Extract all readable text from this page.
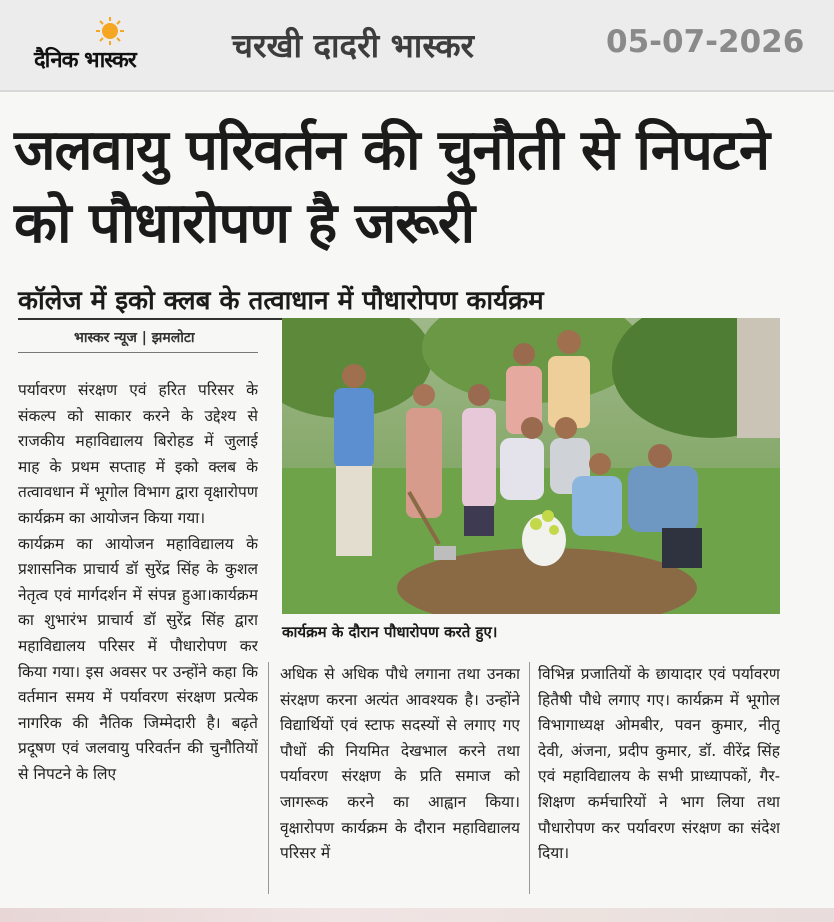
दैनिक भास्कर	चरखी दादरी भास्कर	05-07-2026
जलवायु परिवर्तन की चुनौती से निपटने को पौधारोपण है जरूरी
कॉलेज में इको क्लब के तत्वाधान में पौधारोपण कार्यक्रम
भास्कर न्यूज | झमलोटा

पर्यावरण संरक्षण एवं हरित परिसर के संकल्प को साकार करने के उद्देश्य से राजकीय महाविद्यालय बिरोहड में जुलाई माह के प्रथम सप्ताह में इको क्लब के तत्वावधान में भूगोल विभाग द्वारा वृक्षारोपण कार्यक्रम का आयोजन किया गया।

कार्यक्रम का आयोजन महाविद्यालय के प्रशासनिक प्राचार्य डॉ सुरेंद्र सिंह के कुशल नेतृत्व एवं मार्गदर्शन में संपन्न हुआ।कार्यक्रम का शुभारंभ प्राचार्य डॉ सुरेंद्र सिंह द्वारा महाविद्यालय परिसर में पौधारोपण कर किया गया। इस अवसर पर उन्होंने कहा कि वर्तमान समय में पर्यावरण संरक्षण प्रत्येक नागरिक की नैतिक जिम्मेदारी है। बढ़ते प्रदूषण एवं जलवायु परिवर्तन की चुनौतियों से निपटने के लिए

कार्यक्रम के दौरान पौधारोपण करते हुए।

अधिक से अधिक पौधे लगाना तथा उनका संरक्षण करना अत्यंत आवश्यक है। उन्होंने विद्यार्थियों एवं स्टाफ सदस्यों से लगाए गए पौधों की नियमित देखभाल करने तथा पर्यावरण संरक्षण के प्रति समाज को जागरूक करने का आह्वान किया। वृक्षारोपण कार्यक्रम के दौरान महाविद्यालय परिसर में

विभिन्न प्रजातियों के छायादार एवं पर्यावरण हितैषी पौधे लगाए गए। कार्यक्रम में भूगोल विभागाध्यक्ष ओमबीर, पवन कुमार, नीतू देवी, अंजना, प्रदीप कुमार, डॉ. वीरेंद्र सिंह एवं महाविद्यालय के सभी प्राध्यापकों, गैर-शिक्षण कर्मचारियों ने भाग लिया तथा पौधारोपण कर पर्यावरण संरक्षण का संदेश दिया।
